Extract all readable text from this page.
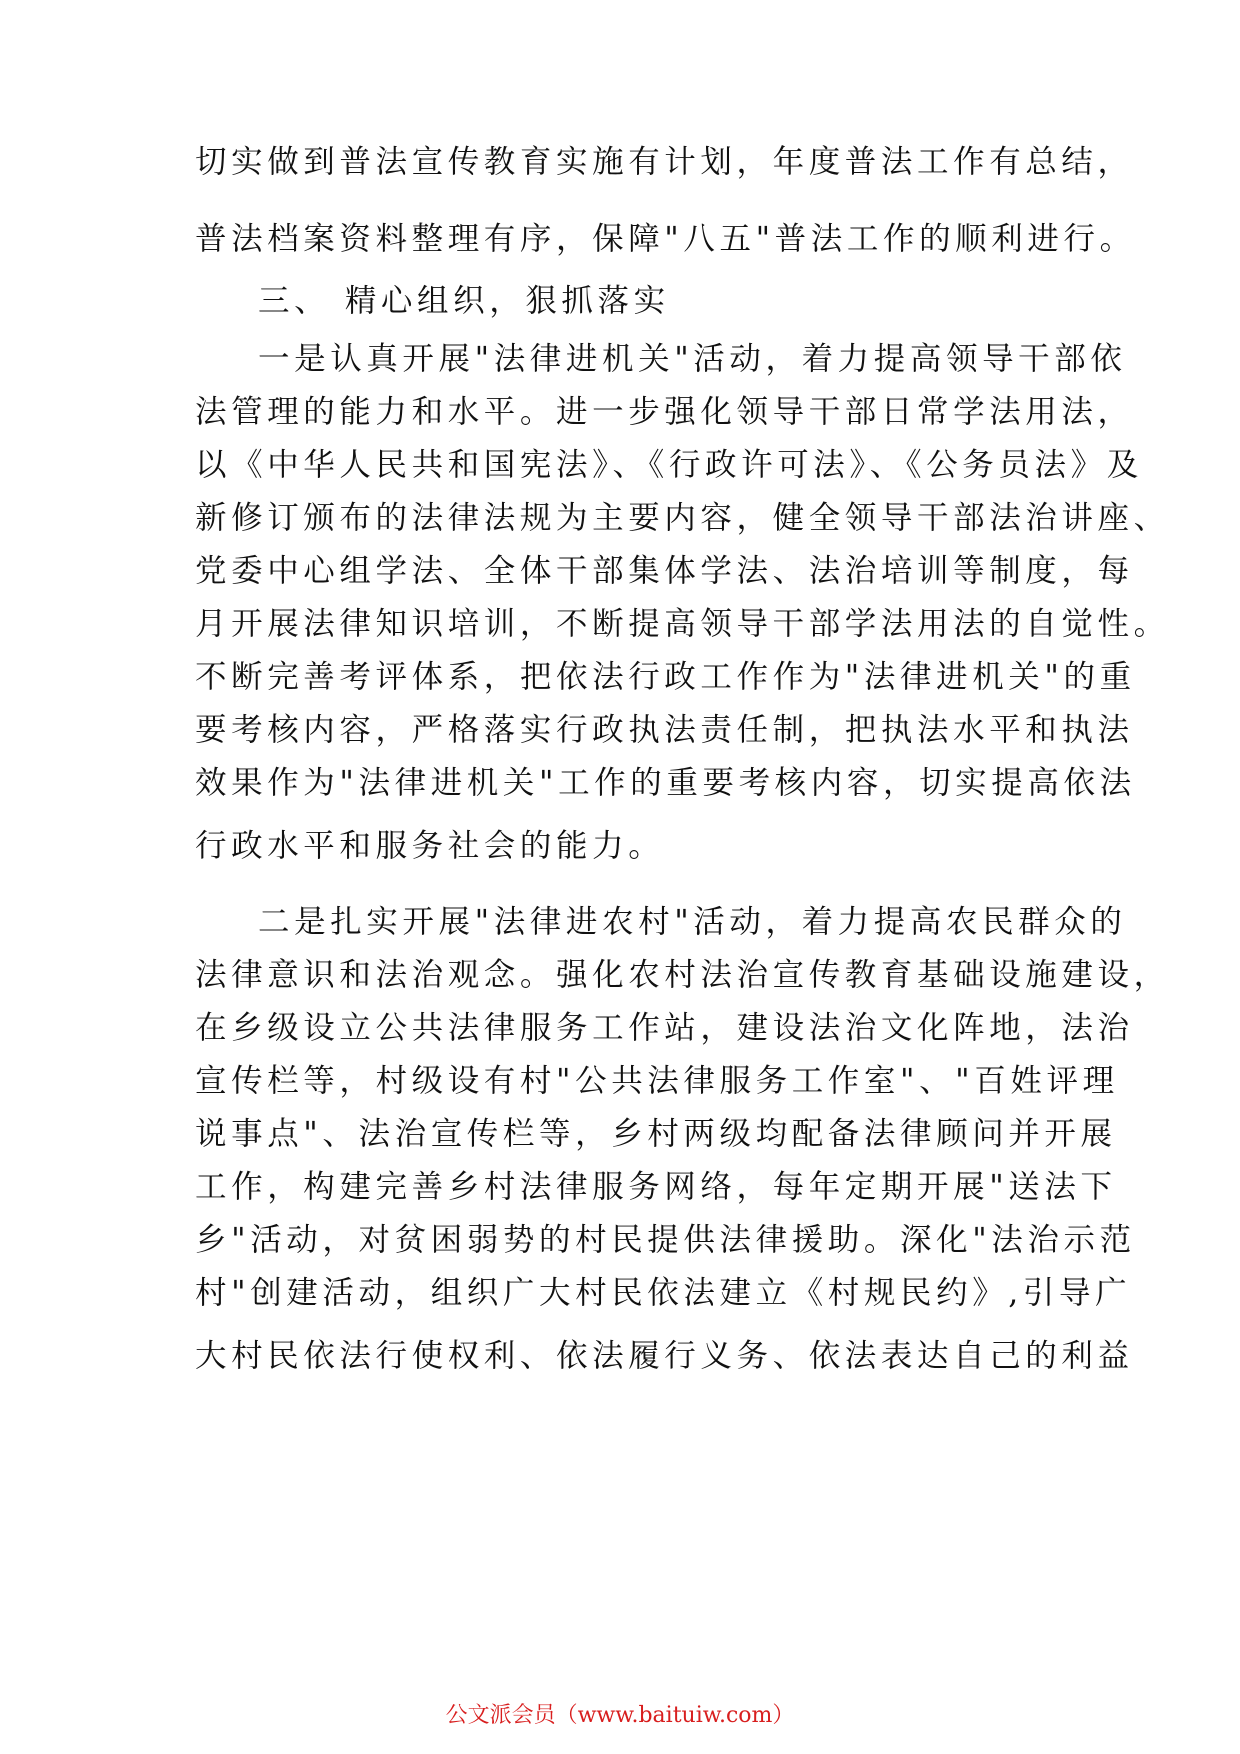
切实做到普法宣传教育实施有计划，年度普法工作有总结，
普法档案资料整理有序，保障"八五"普法工作的顺利进行。
三、 精心组织，狠抓落实
一是认真开展"法律进机关"活动，着力提高领导干部依
法管理的能力和水平。进一步强化领导干部日常学法用法，
以《中华人民共和国宪法》、《行政许可法》、《公务员法》及
新修订颁布的法律法规为主要内容，健全领导干部法治讲座、
党委中心组学法、全体干部集体学法、法治培训等制度，每
月开展法律知识培训，不断提高领导干部学法用法的自觉性。
不断完善考评体系，把依法行政工作作为"法律进机关"的重
要考核内容，严格落实行政执法责任制，把执法水平和执法
效果作为"法律进机关"工作的重要考核内容，切实提高依法
行政水平和服务社会的能力。
二是扎实开展"法律进农村"活动，着力提高农民群众的
法律意识和法治观念。强化农村法治宣传教育基础设施建设，
在乡级设立公共法律服务工作站，建设法治文化阵地，法治
宣传栏等，村级设有村"公共法律服务工作室"、"百姓评理
说事点"、法治宣传栏等，乡村两级均配备法律顾问并开展
工作，构建完善乡村法律服务网络，每年定期开展"送法下
乡"活动，对贫困弱势的村民提供法律援助。深化"法治示范
村"创建活动，组织广大村民依法建立《村规民约》,引导广
大村民依法行使权利、依法履行义务、依法表达自己的利益
公文派会员（www.baituiw.com）
